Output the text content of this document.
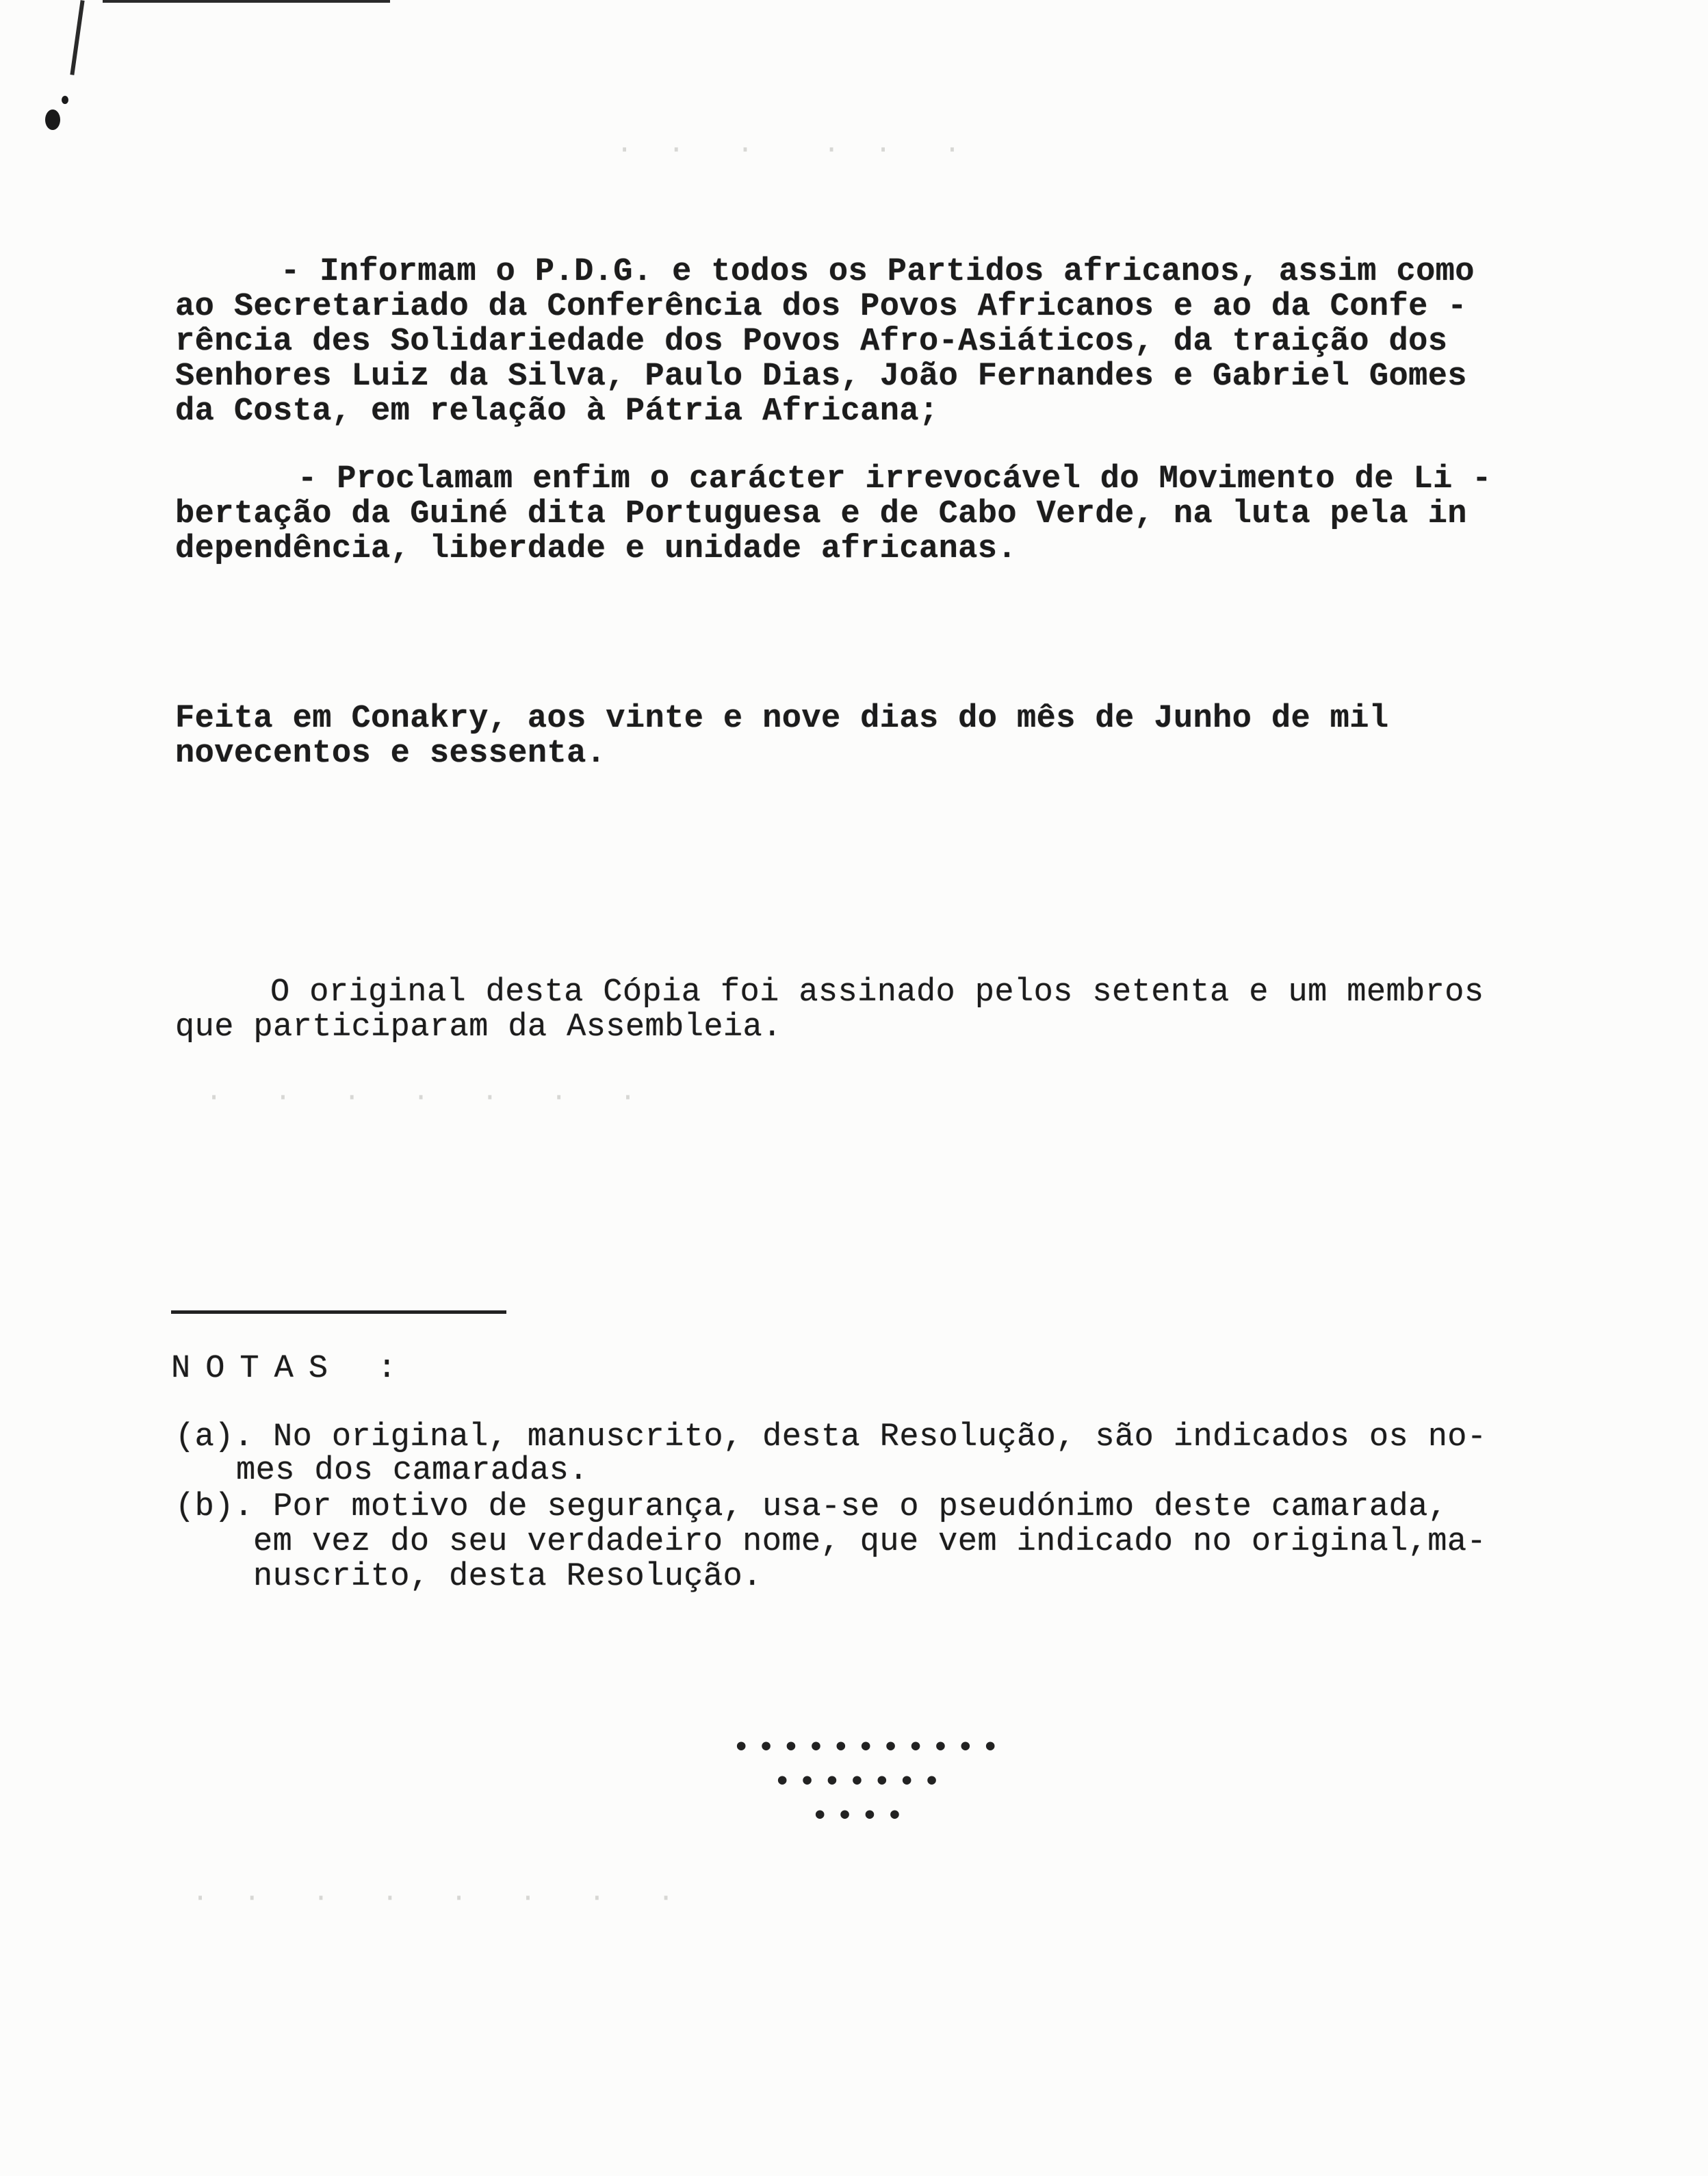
·  ·   ·    ·  ·   ·
·   ·   ·   ·   ·   ·   ·
·  ·   ·   ·   ·   ·   ·   ·

- Informam o P.D.G. e todos os Partidos africanos, assim como

ao Secretariado da Conferência dos Povos Africanos e ao da Confe -

rência des Solidariedade dos Povos Afro-Asiáticos, da traição dos

Senhores Luiz da Silva, Paulo Dias, João Fernandes e Gabriel Gomes

da Costa, em relação à Pátria Africana;

- Proclamam enfim o carácter irrevocável do Movimento de Li -

bertação da Guiné dita Portuguesa e de Cabo Verde, na luta pela in

dependência, liberdade e unidade africanas.

Feita em Conakry, aos vinte e nove dias do mês de Junho de mil

novecentos e sessenta.

O original desta Cópia foi assinado pelos setenta e um membros

que participaram da Assembleia.

NOTAS :

(a). No original, manuscrito, desta Resolução, são indicados os no-

mes dos camaradas.

(b). Por motivo de segurança, usa-se o pseudónimo deste camarada,

em vez do seu verdadeiro nome, que vem indicado no original,ma-

nuscrito, desta Resolução.

•••••••••••
•••••••
••••
